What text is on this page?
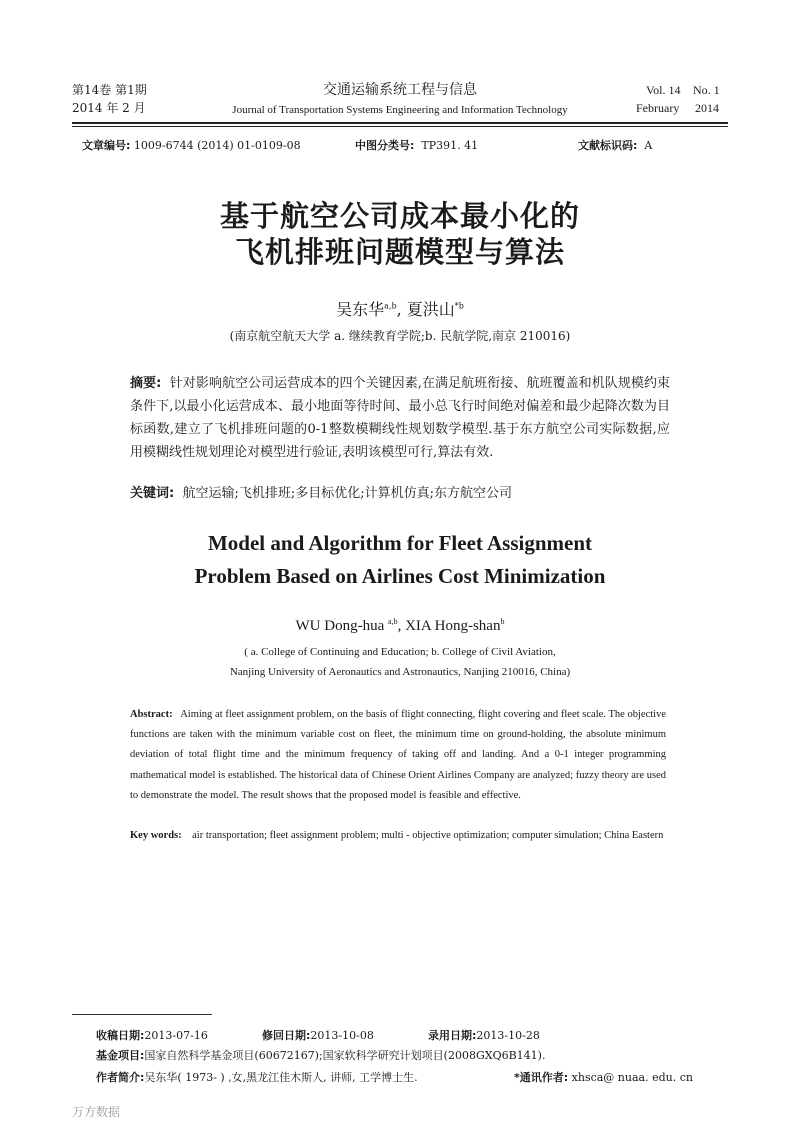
第14卷 第1期
2014 年 2 月
交通运输系统工程与信息
Journal of Transportation Systems Engineering and Information Technology
Vol. 14 No. 1
February 2014
文章编号: 1009-6744 (2014) 01-0109-08	中图分类号: TP391. 41	文献标识码: A
基于航空公司成本最小化的
飞机排班问题模型与算法
吴东华$^{a,b}$, 夏洪山$^{*b}$
(南京航空航天大学 a. 继续教育学院;b. 民航学院,南京 210016)
摘要: 针对影响航空公司运营成本的四个关键因素,在满足航班衔接、航班覆盖和机队规模约束条件下,以最小化运营成本、最小地面等待时间、最小总飞行时间绝对偏差和最少起降次数为目标函数,建立了飞机排班问题的0-1整数模糊线性规划数学模型.基于东方航空公司实际数据,应用模糊线性规划理论对模型进行验证,表明该模型可行,算法有效.
关键词: 航空运输;飞机排班;多目标优化;计算机仿真;东方航空公司
Model and Algorithm for Fleet Assignment
Problem Based on Airlines Cost Minimization
WU Dong-hua $^{a,b}$, XIA Hong-shan$^b$
( a. College of Continuing and Education; b. College of Civil Aviation,
Nanjing University of Aeronautics and Astronautics, Nanjing 210016, China)
Abstract: Aiming at fleet assignment problem, on the basis of flight connecting, flight covering and fleet scale. The objective functions are taken with the minimum variable cost on fleet, the minimum time on ground-holding, the absolute minimum deviation of total flight time and the minimum frequency of taking off and landing. And a 0-1 integer programming mathematical model is established. The historical data of Chinese Orient Airlines Company are analyzed; fuzzy theory are used to demonstrate the model. The result shows that the proposed model is feasible and effective.
Key words: air transportation; fleet assignment problem; multi - objective optimization; computer simulation; China Eastern
收稿日期:2013-07-16	修回日期:2013-10-08	录用日期:2013-10-28
基金项目:国家自然科学基金项目(60672167);国家软科学研究计划项目(2008GXQ6B141).
作者简介:吴东华( 1973- ) ,女,黑龙江佳木斯人, 讲师, 工学博士生.	*通讯作者: xhsca@ nuaa. edu. cn
万方数据
